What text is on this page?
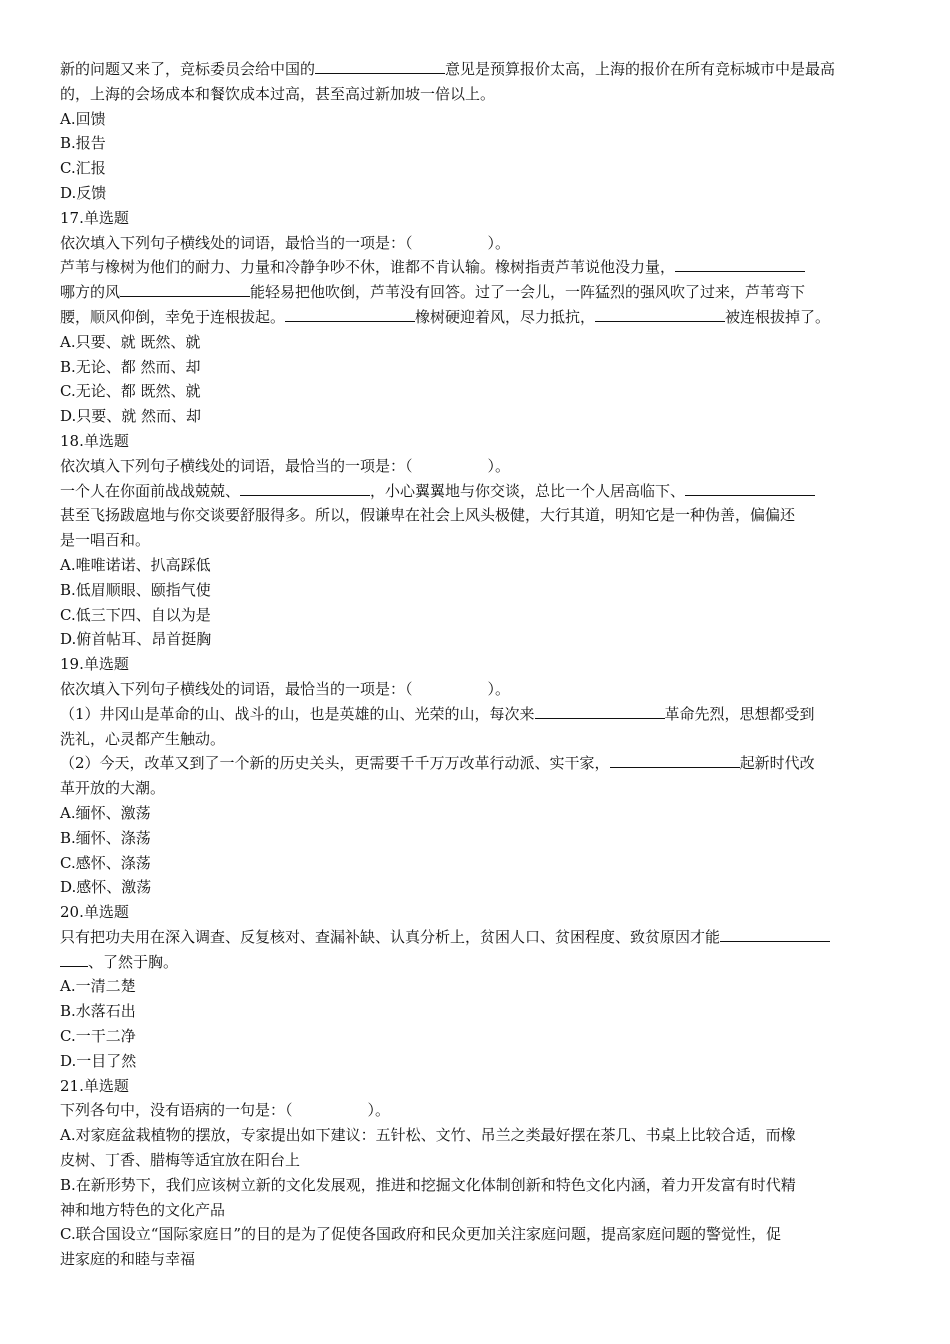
新的问题又来了，竞标委员会给中国的	意见是预算报价太高，上海的报价在所有竞标城市中是最高

的，上海的会场成本和餐饮成本过高，甚至高过新加坡一倍以上。

A.回馈

B.报告

C.汇报

D.反馈

17.单选题

依次填入下列句子横线处的词语，最恰当的一项是：（　　　　　）。

芦苇与橡树为他们的耐力、力量和冷静争吵不休，谁都不肯认输。橡树指责芦苇说他没力量，

哪方的风	能轻易把他吹倒，芦苇没有回答。过了一会儿，一阵猛烈的强风吹了过来，芦苇弯下

腰，顺风仰倒，幸免于连根拔起。	橡树硬迎着风，尽力抵抗，	被连根拔掉了。

A.只要、就 既然、就

B.无论、都 然而、却

C.无论、都 既然、就

D.只要、就 然而、却

18.单选题

依次填入下列句子横线处的词语，最恰当的一项是：（　　　　　）。

一个人在你面前战战兢兢、	，小心翼翼地与你交谈，总比一个人居高临下、

甚至飞扬跋扈地与你交谈要舒服得多。所以，假谦卑在社会上风头极健，大行其道，明知它是一种伪善，偏偏还

是一唱百和。

A.唯唯诺诺、扒高踩低

B.低眉顺眼、颐指气使

C.低三下四、自以为是

D.俯首帖耳、昂首挺胸

19.单选题

依次填入下列句子横线处的词语，最恰当的一项是：（　　　　　）。

（1）井冈山是革命的山、战斗的山，也是英雄的山、光荣的山，每次来	革命先烈，思想都受到

洗礼，心灵都产生触动。

（2）今天，改革又到了一个新的历史关头，更需要千千万万改革行动派、实干家，	起新时代改

革开放的大潮。

A.缅怀、激荡

B.缅怀、涤荡

C.感怀、涤荡

D.感怀、激荡

20.单选题

只有把功夫用在深入调查、反复核对、查漏补缺、认真分析上，贫困人口、贫困程度、致贫原因才能

、了然于胸。

A.一清二楚

B.水落石出

C.一干二净

D.一目了然

21.单选题

下列各句中，没有语病的一句是：（　　　　　）。

A.对家庭盆栽植物的摆放，专家提出如下建议：五针松、文竹、吊兰之类最好摆在茶几、书桌上比较合适，而橡

皮树、丁香、腊梅等适宜放在阳台上

B.在新形势下，我们应该树立新的文化发展观，推进和挖掘文化体制创新和特色文化内涵，着力开发富有时代精

神和地方特色的文化产品

C.联合国设立“国际家庭日”的目的是为了促使各国政府和民众更加关注家庭问题，提高家庭问题的警觉性，促

进家庭的和睦与幸福
